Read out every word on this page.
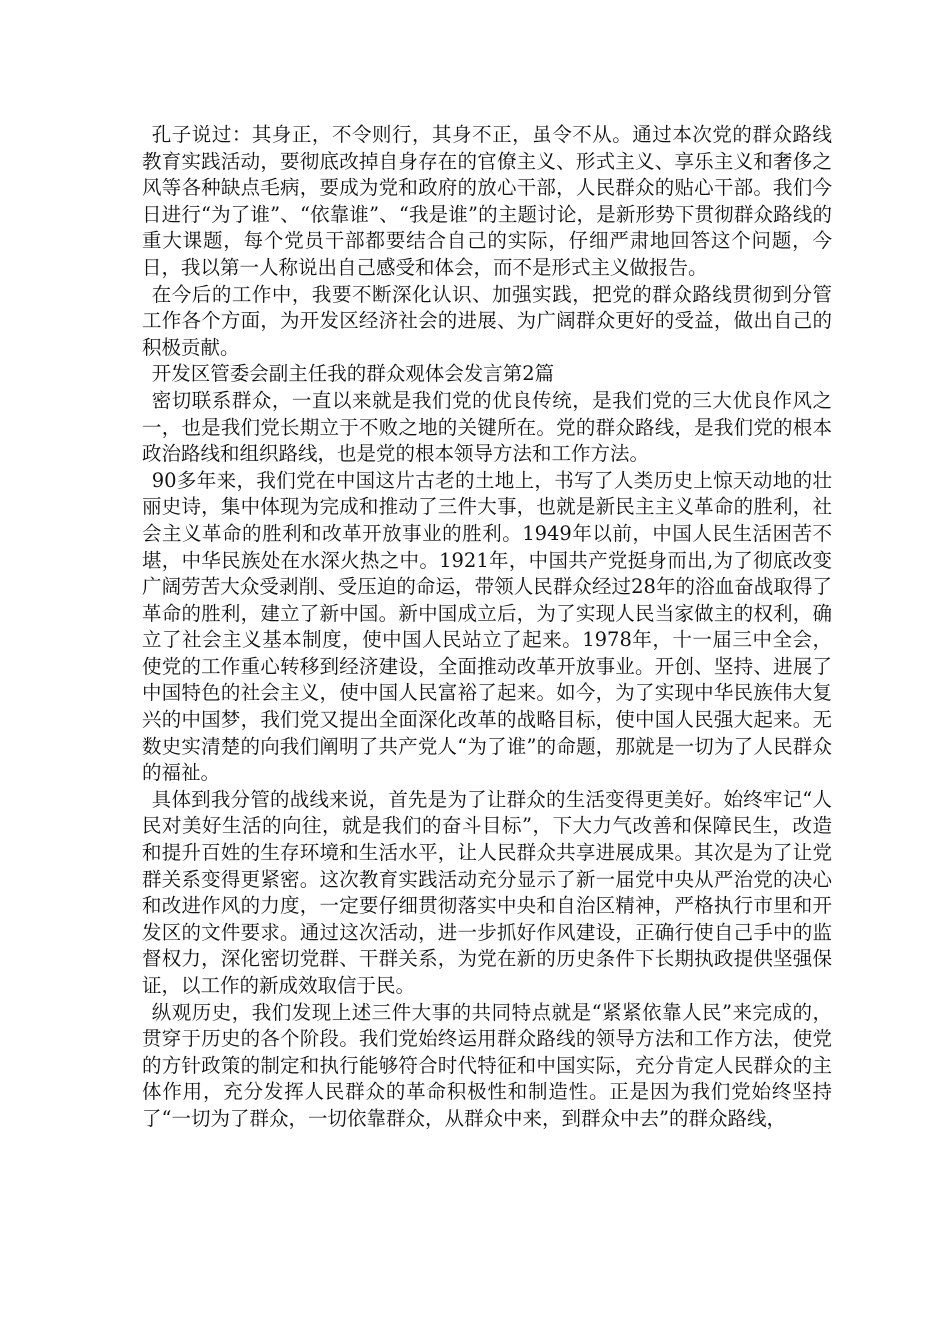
孔子说过：其身正，不令则行，其身不正，虽令不从。通过本次党的群众路线教育实践活动，要彻底改掉自身存在的官僚主义、形式主义、享乐主义和奢侈之风等各种缺点毛病，要成为党和政府的放心干部，人民群众的贴心干部。我们今日进行“为了谁”、“依靠谁”、“我是谁”的主题讨论，是新形势下贯彻群众路线的重大课题，每个党员干部都要结合自己的实际，仔细严肃地回答这个问题，今日，我以第一人称说出自己感受和体会，而不是形式主义做报告。

在今后的工作中，我要不断深化认识、加强实践，把党的群众路线贯彻到分管工作各个方面，为开发区经济社会的进展、为广阔群众更好的受益，做出自己的积极贡献。

开发区管委会副主任我的群众观体会发言第2篇

密切联系群众，一直以来就是我们党的优良传统，是我们党的三大优良作风之一，也是我们党长期立于不败之地的关键所在。党的群众路线，是我们党的根本政治路线和组织路线，也是党的根本领导方法和工作方法。

90多年来，我们党在中国这片古老的土地上，书写了人类历史上惊天动地的壮丽史诗，集中体现为完成和推动了三件大事，也就是新民主主义革命的胜利，社会主义革命的胜利和改革开放事业的胜利。1949年以前，中国人民生活困苦不堪，中华民族处在水深火热之中。1921年，中国共产党挺身而出,为了彻底改变广阔劳苦大众受剥削、受压迫的命运，带领人民群众经过28年的浴血奋战取得了革命的胜利，建立了新中国。新中国成立后，为了实现人民当家做主的权利，确立了社会主义基本制度，使中国人民站立了起来。1978年，十一届三中全会，使党的工作重心转移到经济建设，全面推动改革开放事业。开创、坚持、进展了中国特色的社会主义，使中国人民富裕了起来。如今，为了实现中华民族伟大复兴的中国梦，我们党又提出全面深化改革的战略目标，使中国人民强大起来。无数史实清楚的向我们阐明了共产党人“为了谁”的命题，那就是一切为了人民群众的福祉。

具体到我分管的战线来说，首先是为了让群众的生活变得更美好。始终牢记“人民对美好生活的向往，就是我们的奋斗目标”，下大力气改善和保障民生，改造和提升百姓的生存环境和生活水平，让人民群众共享进展成果。其次是为了让党群关系变得更紧密。这次教育实践活动充分显示了新一届党中央从严治党的决心和改进作风的力度，一定要仔细贯彻落实中央和自治区精神，严格执行市里和开发区的文件要求。通过这次活动，进一步抓好作风建设，正确行使自己手中的监督权力，深化密切党群、干群关系，为党在新的历史条件下长期执政提供坚强保证，以工作的新成效取信于民。

纵观历史，我们发现上述三件大事的共同特点就是“紧紧依靠人民”来完成的，贯穿于历史的各个阶段。我们党始终运用群众路线的领导方法和工作方法，使党的方针政策的制定和执行能够符合时代特征和中国实际，充分肯定人民群众的主体作用，充分发挥人民群众的革命积极性和制造性。正是因为我们党始终坚持了“一切为了群众，一切依靠群众，从群众中来，到群众中去”的群众路线，
